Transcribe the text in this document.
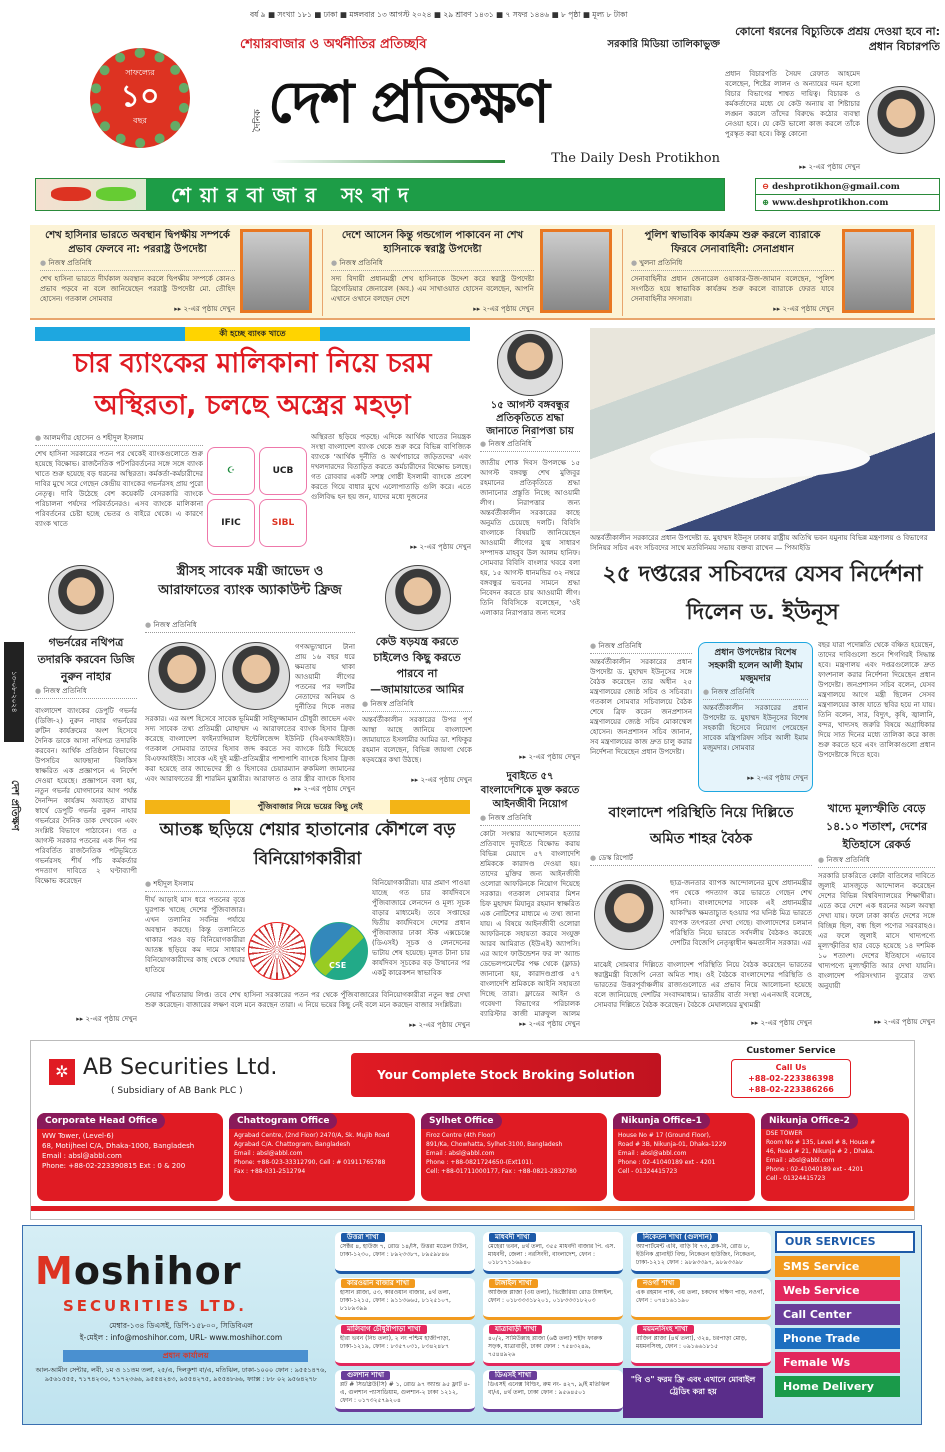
বর্ষ ৯ ■ সংখ্যা ১৮১ ■ ঢাকা ■ মঙ্গলবার ১৩ আগস্ট ২০২৪ ■ ২৯ শ্রাবণ ১৪৩১ ■ ৭ সফর ১৪৪৬ ■ ৮ পৃষ্ঠা ■ মূল্য ৮ টাকা
সাফল্যের
১০
বছর
শেয়ারবাজার ও অর্থনীতির প্রতিচ্ছবি	সরকারি মিডিয়া তালিকাভুক্ত
দৈনিক দেশ প্রতিক্ষণ
The Daily Desh Protikhon
শেয়ারবাজার সংবাদ	⊖ deshprotikhon@gmail.com
⊕ www.deshprotikhon.com
কোনো ধরনের বিচ্যুতিকে প্রশ্রয় দেওয়া হবে না: প্রধান বিচারপতি
প্রধান বিচারপতি সৈয়দ রেফাত আহমেদ বলেছেন, শিষ্টের লালন ও অন্যায়ের দমন হলো বিচার বিভাগের শাশ্বত দায়িত্ব। বিচারক ও কর্মকর্তাদের মধ্যে যে কেউ অন্যায় বা শিষ্টাচার লঙ্ঘন করলে তাঁদের বিরুদ্ধে কঠোর ব্যবস্থা নেওয়া হবে। যে কেউ ভালো কাজ করলে তাঁকে পুরস্কৃত করা হবে। কিন্তু কোনো
▸▸ ২-এর পৃষ্ঠায় দেখুন
শেখ হাসিনার ভারতে অবস্থান দ্বিপক্ষীয় সম্পর্কে প্রভাব ফেলবে না: পররাষ্ট্র উপদেষ্টা
● নিজস্ব প্রতিনিধি
শেখ হাসিনা ভারতে দীর্ঘকাল অবস্থান করলে দ্বিপক্ষীয় সম্পর্কে কোনও প্রভাব পড়বে না বলে জানিয়েছেন পররাষ্ট্র উপদেষ্টা মো. তৌহিদ হোসেন। গতকাল সোমবার
▸▸ ২-এর পৃষ্ঠায় দেখুন
দেশে আসেন কিন্তু গন্ডগোল পাকাবেন না শেখ হাসিনাকে স্বরাষ্ট্র উপদেষ্টা
● নিজস্ব প্রতিনিধি
সদ্য বিদায়ী প্রধানমন্ত্রী শেখ হাসিনাকে উদ্দেশ করে স্বরাষ্ট্র উপদেষ্টা ব্রিগেডিয়ার জেনারেল (অব.) এম সাখাওয়াত হোসেন বলেছেন, আপনি এখানে ওখানে বলছেন দেশে
▸▸ ২-এর পৃষ্ঠায় দেখুন
পুলিশ স্বাভাবিক কার্যক্রম শুরু করলে ব্যারাকে ফিরবে সেনাবাহিনী: সেনাপ্রধান
● খুলনা প্রতিনিধি
সেনাবাহিনীর প্রধান জেনারেল ওয়াকার-উজ-জামান বলেছেন, 'পুলিশ সংগঠিত হয়ে স্বাভাবিক কার্যক্রম শুরু করলে ব্যারাকে ফেরত যাবে সেনাবাহিনীর সদস্যরা।
▸▸ ২-এর পৃষ্ঠায় দেখুন
কী হচ্ছে ব্যাংক খাতে
চার ব্যাংকের মালিকানা নিয়ে চরম অস্থিরতা, চলছে অস্ত্রের মহড়া
● আলমগীর হোসেন ও শহীদুল ইসলাম
শেখ হাসিনা সরকারের পতন পর থেকেই ব্যাংকগুলোতে শুরু হয়েছে বিক্ষোভ। রাজনৈতিক পটপরিবর্তনের সঙ্গে সঙ্গে ব্যাংক খাতে শুরু হয়েছে বড় ধরনের অস্থিরতা। কর্মকর্তা-কর্মচারীদের দাবির মুখে সরে গেছেন কেন্দ্রীয় ব্যাংকের গভর্নরসহ প্রায় পুরো নেতৃত্ব। দাবি উঠেছে বেশ কয়েকটি বেসরকারি ব্যাংকে পরিচালনা পর্ষদের পরিবর্তনেরও। এসব ব্যাংকে মালিকানা পরিবর্তনের চেষ্টা হচ্ছে ভেতর ও বাইরে থেকে। এ কারণে ব্যাংক খাতে
☪	UCB
IFIC	SIBL
অস্থিরতা ছড়িয়ে পড়ছে। এদিকে আর্থিক খাতের নিয়ন্ত্রক সংস্থা বাংলাদেশ ব্যাংক থেকে শুরু করে বিভিন্ন বাণিজ্যিক ব্যাংকে 'আর্থিক দুর্নীতি ও অর্থপাচারে জড়িতদের' এবং দখলদারদের বিতাড়িত করতে কর্মচারীদের বিক্ষোভ চলছে। গত রোববার একটি সশস্ত্র গোষ্ঠী ইসলামী ব্যাংকে প্রবেশ করতে গিয়ে বাধার মুখে এলোপাতাড়ি গুলি করে। এতে গুলিবিদ্ধ হন ছয় জন, যাদের মধ্যে দুজনের
▸▸ ২-এর পৃষ্ঠায় দেখুন
১৫ আগস্ট বঙ্গবন্ধুর প্রতিকৃতিতে শ্রদ্ধা জানাতে নিরাপত্তা চায়
● নিজস্ব প্রতিনিধি
জাতীয় শোক দিবস উপলক্ষে ১৫ আগস্ট বঙ্গবন্ধু শেখ মুজিবুর রহমানের প্রতিকৃতিতে শ্রদ্ধা জানানোর প্রস্তুতি নিচ্ছে আওয়ামী লীগ। নিরাপত্তার জন্য অন্তর্বর্তীকালীন সরকারের কাছে অনুমতি চেয়েছে দলটি। বিবিসি বাংলাকে বিষয়টি জানিয়েছেন আওয়ামী লীগের যুগ্ম সাধারণ সম্পাদক মাহবুব উল আলম হানিফ। সোমবার বিবিসি বাংলার খবরে বলা হয়, ১৫ আগস্ট ধানমন্ডির ৩২ নম্বরে বঙ্গবন্ধুর ভবনের সামনে শ্রদ্ধা নিবেদন করতে চায় আওয়ামী লীগ। তিনি বিবিসিকে বলেছেন, 'ওই এলাকার নিরাপত্তার জন্য দলের
▸▸ ২-এর পৃষ্ঠায় দেখুন
অন্তর্বর্তীকালীন সরকারের প্রধান উপদেষ্টা ড. মুহাম্মদ ইউনূস ঢাকায় রাষ্ট্রীয় অতিথি ভবন যমুনায় বিভিন্ন মন্ত্রণালয় ও বিভাগের সিনিয়র সচিব এবং সচিবদের সাথে মতবিনিময় সভায় বক্তব্য রাখেন — পিআইডি
২৫ দপ্তরের সচিবদের যেসব নির্দেশনা দিলেন ড. ইউনূস
● নিজস্ব প্রতিনিধি
অন্তর্বর্তীকালীন সরকারের প্রধান উপদেষ্টা ড. মুহাম্মদ ইউনূসের সঙ্গে বৈঠক করেছেন তার অধীন ২৫ মন্ত্রণালয়ের জ্যেষ্ঠ সচিব ও সচিবরা। গতকাল সোমবার সচিবালয়ে বৈঠক শেষে ব্রিফ করেন জনপ্রশাসন মন্ত্রণালয়ের জ্যেষ্ঠ সচিব মোকাম্মেল হোসেন। জনপ্রশাসন সচিব জানান, সব মন্ত্রণালয়ের কাজ দ্রুত চালু করার নির্দেশনা দিয়েছেন প্রধান উপদেষ্টা।
প্রধান উপদেষ্টার বিশেষ সহকারী হলেন আলী ইমাম মজুমদার
● নিজস্ব প্রতিনিধি
অন্তর্বর্তীকালীন সরকারের প্রধান উপদেষ্টা ড. মুহাম্মদ ইউনূসের বিশেষ সহকারী হিসেবে নিয়োগ পেয়েছেন সাবেক মন্ত্রিপরিষদ সচিব আলী ইমাম মজুমদার। সোমবার
▸▸ ২-এর পৃষ্ঠায় দেখুন
বছর যারা পদোন্নতি থেকে বঞ্চিত হয়েছেন, তাদের দাবিগুলো শুনে শিগগিরই সিদ্ধান্ত হবে। মন্ত্রণালয় এবং দপ্তরগুলোকে দ্রুত ফাংশনাল করার নির্দেশনা দিয়েছেন প্রধান উপদেষ্টা। জনপ্রশাসন সচিব বলেন, যেসব মন্ত্রণালয়ে আগে মন্ত্রী ছিলেন সেসব মন্ত্রণালয়ের কাজ যাতে স্থবির হয়ে না যায়। তিনি বলেন, সার, বিদ্যুৎ, কৃষি, জ্বালানি, বন্দর, খাদ্যসহ জরুরি বিষয়ে অগ্রাধিকার দিয়ে সাত দিনের মধ্যে তালিকা করে কাজ শুরু করতে হবে এবং তালিকাগুলো প্রধান উপদেষ্টাকে দিতে হবে।
গভর্নরের নথিপত্র তদারকি করবেন ডিজি নুরুন নাহার
● নিজস্ব প্রতিনিধি
বাংলাদেশ ব্যাংকের ডেপুটি গভর্নর (ডিজি-২) নুরুন নাহার গভর্নরের রুটিন কার্যক্রমের অংশ হিসেবে দৈনিক ডাকে আসা নথিপত্র তদারকি করবেন। আর্থিক প্রতিষ্ঠান বিভাগের উপসচিব আফছানা বিলকিস স্বাক্ষরিত এক প্রজ্ঞাপনে এ নির্দেশ দেওয়া হয়েছে। প্রজ্ঞাপনে বলা হয়, নতুন গভর্নর যোগদানের আগ পর্যন্ত দৈনন্দিন কার্যক্রম অব্যাহত রাখার স্বার্থে ডেপুটি গভর্নর নুরুন নাহার গভর্নরের দৈনিক ডাক দেখবেন এবং সংশ্লিষ্ট বিভাগে পাঠাবেন। গত ৫ আগস্ট সরকার পতনের এক দিন পর পরিবর্তিত রাজনৈতিক পটভূমিতে গভর্নরসহ শীর্ষ পাঁচ কর্মকর্তার পদত্যাগ দাবিতে ২ ঘণ্টাব্যাপী বিক্ষোভ করেছেন
▸▸ ২-এর পৃষ্ঠায় দেখুন
১৩-০৮-২০২৪
দেশ প্রতিক্ষণ
স্ত্রীসহ সাবেক মন্ত্রী জাভেদ ও আরাফাতের ব্যাংক অ্যাকাউন্ট ফ্রিজ
● নিজস্ব প্রতিনিধি
গণঅভ্যুত্থানে টানা প্রায় ১৬ বছর ধরে ক্ষমতায় থাকা আওয়ামী লীগের পতনের পর দলটির নেতাদের অনিয়ম ও দুর্নীতির দিকে নজর
সরকার। এর অংশ হিসেবে সাবেক ভূমিমন্ত্রী সাইফুজ্জামান চৌধুরী জাভেদ এবং সদ্য সাবেক তথ্য প্রতিমন্ত্রী মোহাম্মদ এ আরাফাতের ব্যাংক হিসাব ফ্রিজ করেছে বাংলাদেশ ফাইন্যান্সিয়াল ইন্টেলিজেন্স ইউনিট (বিএফআইইউ)। গতকাল সোমবার তাদের হিসাব জব্দ করতে সব ব্যাংকে চিঠি দিয়েছে বিএফআইইউ। সাবেক এই দুই মন্ত্রী-প্রতিমন্ত্রীর পাশাপাশি ব্যাংকে হিসাব ফ্রিজ করা হয়েছে তার জাভেদের স্ত্রী ও হিসাবের চেয়ারম্যান রুকমিলা জামানের এবং আরাফাতের স্ত্রী শারমিন মুস্তারীর। আরাফাত ও তার স্ত্রীর ব্যাংকে হিসাব
▸▸ ২-এর পৃষ্ঠায় দেখুন
কেউ ষড়যন্ত্র করতে চাইলেও কিছু করতে পারবে না
—জামায়াতের আমির
● নিজস্ব প্রতিনিধি
অন্তর্বর্তীকালীন সরকারের উপর পূর্ণ আস্থা আছে জানিয়ে বাংলাদেশ জামায়াতে ইসলামীর আমির ডা. শফিকুর রহমান বলেছেন, বিভিন্ন জায়গা থেকে ষড়যন্ত্রের কথা উঠছে।
▸▸ ২-এর পৃষ্ঠায় দেখুন	দুবাইতে ৫৭ বাংলাদেশিকে মুক্ত করতে আইনজীবী নিয়োগ
● নিজস্ব প্রতিনিধি
কোটা সংস্কার আন্দোলনে হত্যার প্রতিবাদে দুবাইতে বিক্ষোভ করায় বিভিন্ন মেয়াদে ৫৭ বাংলাদেশি শ্রমিককে কারাদণ্ড দেওয়া হয়। তাদের মুক্তির জন্য আইনজীবী ওলোরা আফরিনকে নিয়োগ দিয়েছে সরকার। গতকাল সোমবার মিশন চিফ মুহাম্মদ মিযানুর রহমান স্বাক্ষরিত এক নোটিশের মাধ্যমে এ তথ্য জানা যায়। এ বিষয়ে আইনজীবী ওলোরা আফরিনকে সহায়তা করবে সংযুক্ত আরব আমিরাত (ইউএই) অ্যাপসি। এর আগে ফাউন্ডেশন ফর ল' অ্যান্ড ডেভেলপমেন্টের পক্ষ থেকে (ফ্লাড) জানানো হয়, কারাদণ্ডপ্রাপ্ত ৫৭ বাংলাদেশি শ্রমিককে আইনি সহায়তা দিচ্ছে তারা। ফ্লাডের আইন ও গবেষণা বিভাগের পরিচালক ব্যারিস্টার কাজী মারুফুল আলম
▸▸ ২-এর পৃষ্ঠায় দেখুন
পুঁজিবাজার নিয়ে ভয়ের কিছু নেই
আতঙ্ক ছড়িয়ে শেয়ার হাতানোর কৌশলে বড় বিনিয়োগকারীরা
● শহীদুল ইসলাম
দীর্ঘ আড়াই মাস ধরে পতনের বৃত্তে ঘুরপাক খাচ্ছে দেশের পুঁজিবাজার। এখন তলানির সর্বনিম্ন পর্যায়ে অবস্থান করছে। কিন্তু তলানিতে থাকার পরও বড় বিনিয়োগকারীরা আতঙ্ক ছড়িয়ে কম দামে সাধারণ বিনিয়োগকারীদের কাছ থেকে শেয়ার হাতিয়ে	CSE
বিনিয়োগকারীরা। যার প্রমাণ পাওয়া যাচ্ছে গত চার কার্যদিবসে পুঁজিবাজারে লেনদেন ও মূল্য সূচক বাড়ার মাধ্যমেই। তবে সপ্তাহের দ্বিতীয় কার্যদিবসে দেশের প্রধান পুঁজিবাজার ঢাকা স্টক এক্সচেঞ্জে (ডিএসই) সূচক ও লেনদেনের ভাটায় শেষ হয়েছে। মূলত টানা চার কার্যদিবস সূচকের বড় উত্থানের পর একটু কারেকশন স্বাভাবিক
নেয়ার পাঁয়তারায় লিপ্ত। তবে শেখ হাসিনা সরকারের পতন পর থেকে পুঁজিবাজারের বিনিয়োগকারীরা নতুন স্বপ্ন দেখা শুরু করেছেন। বাজারের লক্ষণ বলে মনে করছেন তারা। এ নিয়ে ভয়ের কিছু নেই বলে মনে করছেন বাজার সংশ্লিষ্টরা।
▸▸ ২-এর পৃষ্ঠায় দেখুন
বাংলাদেশ পরিস্থিতি নিয়ে দিল্লিতে অমিত শাহর বৈঠক
● ডেস্ক রিপোর্ট
ছাত্র-জনতার ব্যাপক আন্দোলনের মুখে প্রধানমন্ত্রীর পদ থেকে পদত্যাগ করে ভারতে গেছেন শেখ হাসিনা। বাংলাদেশের সাবেক এই প্রধানমন্ত্রীর আকস্মিক ক্ষমতাচ্যুত হওয়ার পর ঘনিষ্ঠ মিত্র ভারতে ব্যাপক তৎপরতা দেখা গেছে। বাংলাদেশের চলমান পরিস্থিতি নিয়ে ভারতে সর্বদলীয় বৈঠকও করেছে দেশটির বিজেপি নেতৃত্বাধীন ক্ষমতাসীন সরকার। এর
মাঝেই সোমবার দিল্লিতে বাংলাদেশ পরিস্থিতি নিয়ে বৈঠক করেছেন ভারতের স্বরাষ্ট্রমন্ত্রী বিজেপি নেতা অমিত শাহ। ওই বৈঠকে বাংলাদেশের পরিস্থিতি ও ভারতের উত্তরপূর্বাঞ্চলীয় রাজ্যগুলোতে এর প্রভাব নিয়ে আলোচনা হয়েছে বলে জানিয়েছে দেশটির সংবাদমাধ্যম। ভারতীয় বার্তা সংস্থা এএনআই বলেছে, সোমবার দিল্লিতে বৈঠক করেছেন। বৈঠকে মেঘালয়ের মুখ্যমন্ত্রী
▸▸ ২-এর পৃষ্ঠায় দেখুন
খাদ্যে মূল্যস্ফীতি বেড়ে ১৪.১০ শতাংশ, দেশের ইতিহাসে রেকর্ড
● নিজস্ব প্রতিনিধি
সরকারি চাকরিতে কোটা বাতিলের দাবিতে জুলাই মাসজুড়ে আন্দোলন করেছেন দেশের বিভিন্ন বিশ্ববিদ্যালয়ের শিক্ষার্থীরা। এতে করে দেশে এক ধরনের অচল অবস্থা দেখা যায়। ফলে ঢাকা কার্যত দেশের সঙ্গে বিচ্ছিন্ন ছিল, বন্ধ ছিল পণ্যের সরবরাহও। এর ফলে জুলাই মাসে খাদ্যপণ্যে মূল্যস্ফীতির হার বেড়ে হয়েছে ১৪ দশমিক ১০ শতাংশ। দেশের ইতিহাসে এভাবে খাদ্যপণ্যে মূল্যস্ফীতি আর দেখা যায়নি। বাংলাদেশ পরিসংখ্যান ব্যুরোর তথ্য অনুযায়ী
▸▸ ২-এর পৃষ্ঠায় দেখুন
✲ AB Securities Ltd.
( Subsidiary of AB Bank PLC )
Your Complete Stock Broking Solution
Customer Service
Call Us
+88-02-223386398
+88-02-223386266
Corporate Head Office
WW Tower, (Level-6)
68, Motijheel C/A, Dhaka-1000, Bangladesh
Email : absl@abbl.com
Phone: +88-02-223390815 Ext : 0 & 200
Chattogram Office
Agrabad Centre, (2nd Floor) 2470/A, Sk. Mujib Road
Agrabad C/A. Chattogram, Bangladesh
Email : absl@abbl.com
Phone: +88-023-33312790, Cell : # 01911765788
Fax : +88-031-2512794
Sylhet Office
Firoz Centre (4th Floor)
891/Ka, Chowhatta, Sylhet-3100, Bangladesh
Email : absl@abbl.com
Phone : +88-0821724650-(Ext101).
Cell: +88-01711000177, Fax : +88-0821-2832780
Nikunja Office-1
House No # 17 (Ground Floor),
Road # 3B, Nikunja-01, Dhaka-1229
Email : absl@abbl.com
Phone : 02-41040189 ext - 4201
Cell - 01324415723
Nikunja Office-2
DSE TOWER
Room No # 135, Level # 8, House #
46, Road # 21, Nikunja # 2 , Dhaka.
Email : absl@abbl.com
Phone : 02-41040189 ext - 4201
Cell - 01324415723
Moshihor
SECURITIES LTD.
মেম্বার-১৩৪ ডিএসই, ডিপি-১৫৮০০, সিডিবিএল
ই-মেইল : info@moshihor.com, URL- www.moshihor.com
প্রধান কার্যালয়
আল-আমীন সেন্টার, লবী, ১ম ও ১১তম তলা, ২৫/এ, দিলকুশা বা/এ, মতিঝিল, ঢাকা-১০০০ ফোন : ৯৫৫১৪৭৬, ৯৫৬১৫৫৫, ৭১৭৪২৩০, ৭১৭২৩৬৬, ৯৫৫৪২৪৩, ৯৫৫৪২৭৫, ৯৫৫৪৮৬৬, ফ্যাক্স : ৮৮ ০২ ৯৫৬৪২৭৮
উত্তরা শাখা
সেক্টর ৪, হাউজ ৭, রোড ১৪/সি, উত্তরা মডেল টাউন, ঢাকা-১২৩০, ফোন : ৮৯২৩৩৮৭, ৮৯৫৯৮৪৬
কারওয়ান বাজার শাখা
হাসান প্লাজা, ৫৩, কারওয়ান বাজার, ৪র্থ তলা, ঢাকা-১২১৫, ফোন : ৯১১৩৬৬৫, ৮১২৫১০৭, ৮১৮৯৩৯৯
মালিবাগ চৌধুরীপাড়া শাখা
হীরা ভবন (নিচ তলা), ২ নং পশ্চিম হাজীপাড়া, ঢাকা-১২১৯, ফোন : ৮৩৫৭০৩১, ৮৩৪২৪৮৭
গুলশান শাখা
প্লট # সিডব্লিউ(সি) # ১, রোড ৯৭ অ্যান্ড ৯৫ ফ্লাট ৪-এ, গুলশান প্যাসাডিয়াম, গুলশান-২ ঢাকা ১২১২, ফোন : ০১৭৩২৫৭৯২০৪
মাধবদী শাখা
মেহেরা ভবন, ৪র্থ তলা, ৩৫৫ মাধবদী বাজার পি. এস. মাধবদী, জেলা : নরসিংদী, বাংলাদেশ, ফোন : ০১৮১৭১১৬৯৪০
টাঙ্গাইল শাখা
আজিজ প্লাজা (৩য় তলা), ভিক্টোরিয়া রোড টাঙ্গাইল, ফোন : ০১৮৩৩৩১৮২০১, ০১৮৩৩৩১৮২০৩
যাত্রাবাড়ী শাখা
৪০/২, সামিউল্লাহ প্লাজা (৬ষ্ঠ তলা) শহীদ ফারুক সড়ক, যাত্রাবাড়ী, ঢাকা ফোন : ৭৫৪৩২৪৯, ৭৫৪৪৯২৬
ডিএসই শাখা
ডিএসই এনেক্স বিল্ডিং, রুম নং- ৪২৭, ৯/ই মতিঝিল বা/এ, ৪র্থ তলা, ঢাকা ফোন : ৯৫৬৪৫০১
নিকেতন শাখা (গুলশান)
অ্যাপার্টমেন্ট এবি, বাড়ি বি ৭৩, ব্লক-বি, রোড ৮, ইউনিক গ্রানাইট বিল্ড, নিকেতন হাউজিং, নিকেতন, ঢাকা-১২১২ ফোন : ৯৮৯৩৩৯৭, ৯৮৯৩৩৯৮
নওগাঁ শাখা
এক রহমান পার্ক, ৩য় তলা, চকদেব দক্ষিণ পাড়, নওগাঁ, ফোন : ০৭৪১৬১১৯০
ময়মনসিংহ শাখা
রাজিন প্লাজা (৪র্থ তলা), ৩২৪, চরপাড়া মোড়, ময়মনসিংহ, ফোন : ০৯১৬৬১৮১৫
"বি ও" ফরম ফ্রি এবং এখানে মোবাইল ট্রেডিং করা হয়
OUR SERVICES
SMS Service
Web Service
Call Center
Phone Trade
Female Ws
Home Delivery
